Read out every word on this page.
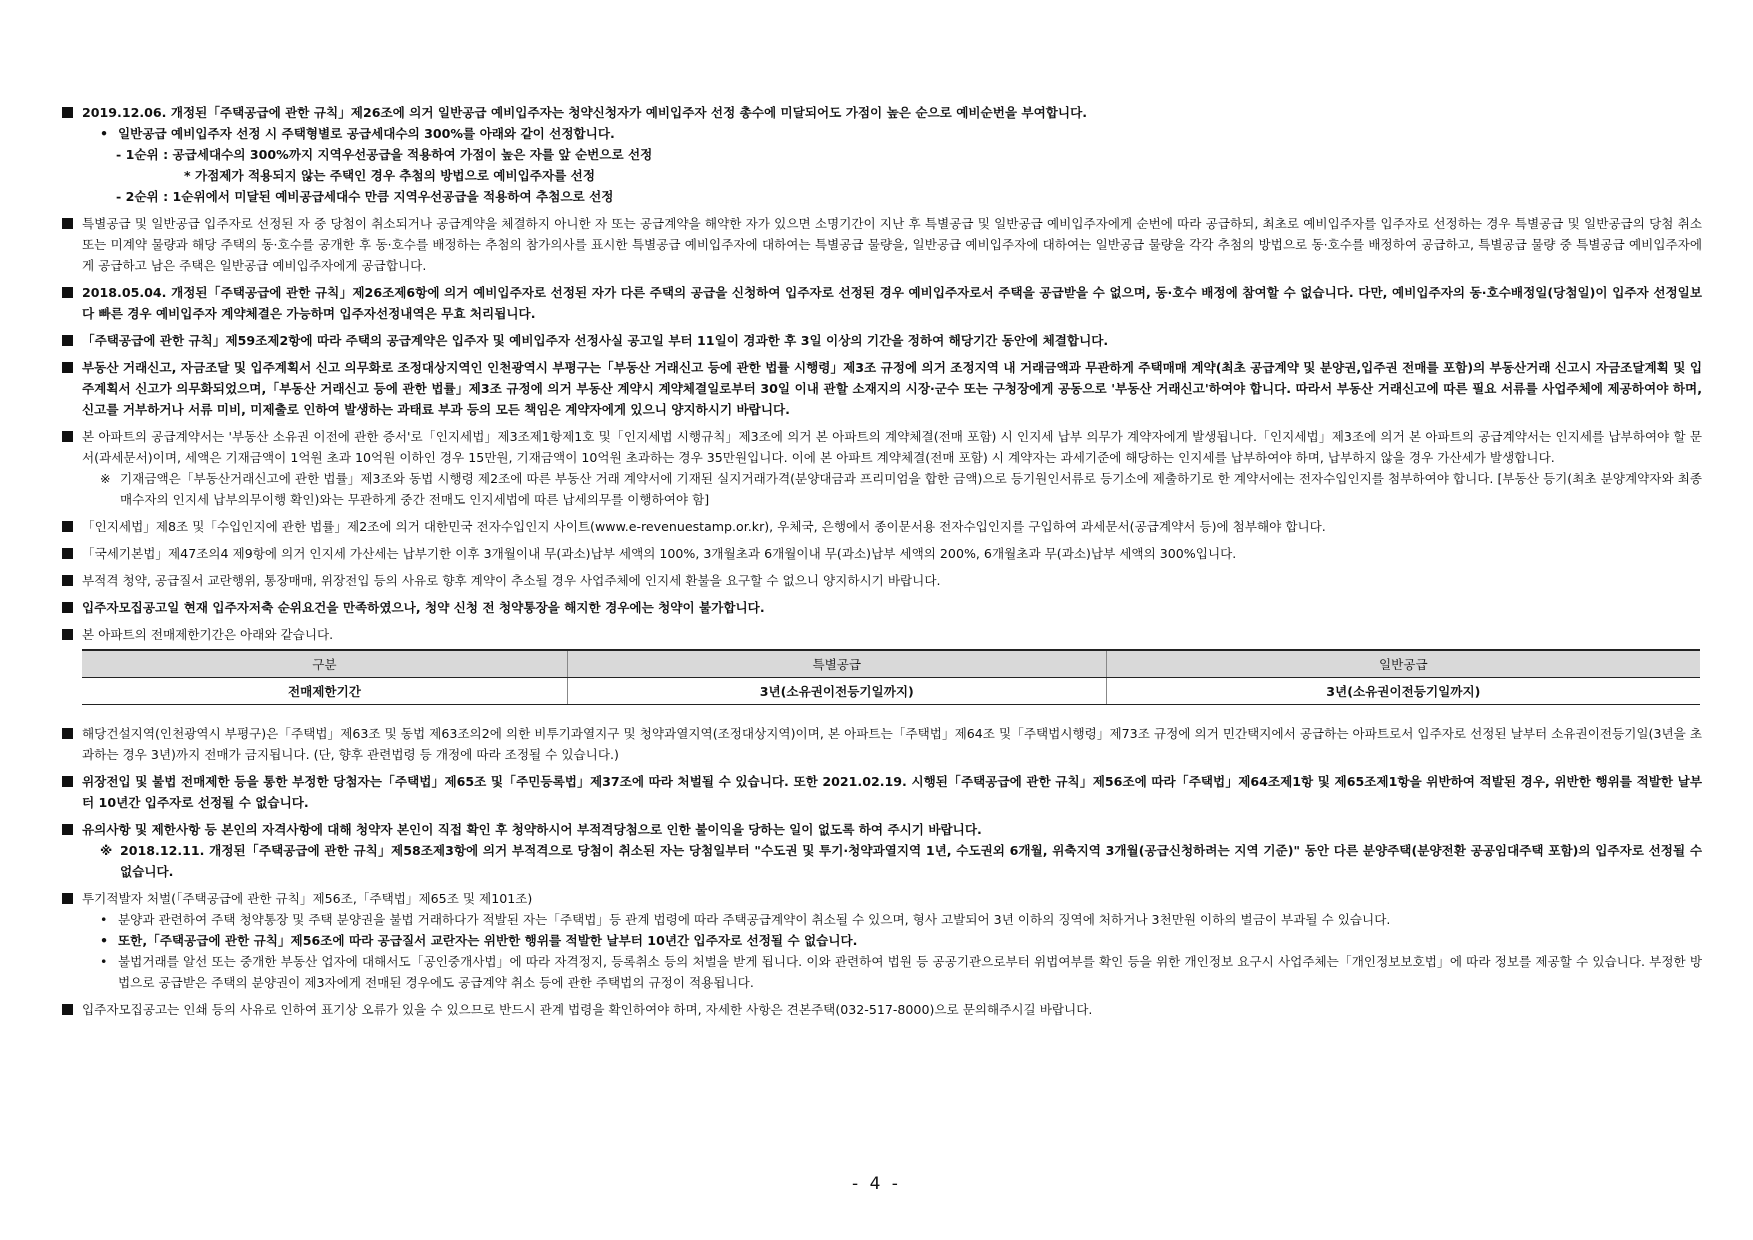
2019.12.06. 개정된「주택공급에 관한 규칙」제26조에 의거 일반공급 예비입주자는 청약신청자가 예비입주자 선정 총수에 미달되어도 가점이 높은 순으로 예비순번을 부여합니다.

• 일반공급 예비입주자 선정 시 주택형별로 공급세대수의 300%를 아래와 같이 선정합니다.

- 1순위 : 공급세대수의 300%까지 지역우선공급을 적용하여 가점이 높은 자를 앞 순번으로 선정

* 가점제가 적용되지 않는 주택인 경우 추첨의 방법으로 예비입주자를 선정

- 2순위 : 1순위에서 미달된 예비공급세대수 만큼 지역우선공급을 적용하여 추첨으로 선정

특별공급 및 일반공급 입주자로 선정된 자 중 당첨이 취소되거나 공급계약을 체결하지 아니한 자 또는 공급계약을 해약한 자가 있으면 소명기간이 지난 후 특별공급 및 일반공급 예비입주자에게 순번에 따라 공급하되, 최초로 예비입주자를 입주자로 선정하는 경우 특별공급 및 일반공급의 당첨 취소 또는 미계약 물량과 해당 주택의 동·호수를 공개한 후 동·호수를 배정하는 추첨의 참가의사를 표시한 특별공급 예비입주자에 대하여는 특별공급 물량을, 일반공급 예비입주자에 대하여는 일반공급 물량을 각각 추첨의 방법으로 동·호수를 배정하여 공급하고, 특별공급 물량 중 특별공급 예비입주자에게 공급하고 남은 주택은 일반공급 예비입주자에게 공급합니다.
2018.05.04. 개정된「주택공급에 관한 규칙」제26조제6항에 의거 예비입주자로 선정된 자가 다른 주택의 공급을 신청하여 입주자로 선정된 경우 예비입주자로서 주택을 공급받을 수 없으며, 동·호수 배정에 참여할 수 없습니다. 다만, 예비입주자의 동·호수배정일(당첨일)이 입주자 선정일보다 빠른 경우 예비입주자 계약체결은 가능하며 입주자선정내역은 무효 처리됩니다.
「주택공급에 관한 규칙」제59조제2항에 따라 주택의 공급계약은 입주자 및 예비입주자 선정사실 공고일 부터 11일이 경과한 후 3일 이상의 기간을 정하여 해당기간 동안에 체결합니다.
부동산 거래신고, 자금조달 및 입주계획서 신고 의무화로 조정대상지역인 인천광역시 부평구는「부동산 거래신고 등에 관한 법률 시행령」제3조 규정에 의거 조정지역 내 거래금액과 무관하게 주택매매 계약(최초 공급계약 및 분양권,입주권 전매를 포함)의 부동산거래 신고시 자금조달계획 및 입주계획서 신고가 의무화되었으며,「부동산 거래신고 등에 관한 법률」제3조 규정에 의거 부동산 계약시 계약체결일로부터 30일 이내 관할 소재지의 시장·군수 또는 구청장에게 공동으로 '부동산 거래신고'하여야 합니다. 따라서 부동산 거래신고에 따른 필요 서류를 사업주체에 제공하여야 하며, 신고를 거부하거나 서류 미비, 미제출로 인하여 발생하는 과태료 부과 등의 모든 책임은 계약자에게 있으니 양지하시기 바랍니다.

본 아파트의 공급계약서는 '부동산 소유권 이전에 관한 증서'로「인지세법」제3조제1항제1호 및「인지세법 시행규칙」제3조에 의거 본 아파트의 계약체결(전매 포함) 시 인지세 납부 의무가 계약자에게 발생됩니다.「인지세법」제3조에 의거 본 아파트의 공급계약서는 인지세를 납부하여야 할 문서(과세문서)이며, 세액은 기재금액이 1억원 초과 10억원 이하인 경우 15만원, 기재금액이 10억원 초과하는 경우 35만원입니다. 이에 본 아파트 계약체결(전매 포함) 시 계약자는 과세기준에 해당하는 인지세를 납부하여야 하며, 납부하지 않을 경우 가산세가 발생합니다.

※ 기재금액은「부동산거래신고에 관한 법률」제3조와 동법 시행령 제2조에 따른 부동산 거래 계약서에 기재된 실지거래가격(분양대금과 프리미엄을 합한 금액)으로 등기원인서류로 등기소에 제출하기로 한 계약서에는 전자수입인지를 첨부하여야 합니다. [부동산 등기(최초 분양계약자와 최종 매수자의 인지세 납부의무이행 확인)와는 무관하게 중간 전매도 인지세법에 따른 납세의무를 이행하여야 함]

「인지세법」제8조 및「수입인지에 관한 법률」제2조에 의거 대한민국 전자수입인지 사이트(www.e-revenuestamp.or.kr), 우체국, 은행에서 종이문서용 전자수입인지를 구입하여 과세문서(공급계약서 등)에 첨부해야 합니다.
「국세기본법」제47조의4 제9항에 의거 인지세 가산세는 납부기한 이후 3개월이내 무(과소)납부 세액의 100%, 3개월초과 6개월이내 무(과소)납부 세액의 200%, 6개월초과 무(과소)납부 세액의 300%입니다.
부적격 청약, 공급질서 교란행위, 통장매매, 위장전입 등의 사유로 향후 계약이 추소될 경우 사업주체에 인지세 환불을 요구할 수 없으니 양지하시기 바랍니다.
입주자모집공고일 현재 입주자저축 순위요건을 만족하였으나, 청약 신청 전 청약통장을 해지한 경우에는 청약이 불가합니다.
본 아파트의 전매제한기간은 아래와 같습니다.
구분	특별공급	일반공급
전매제한기간	3년(소유권이전등기일까지)	3년(소유권이전등기일까지)
해당건설지역(인천광역시 부평구)은「주택법」제63조 및 동법 제63조의2에 의한 비투기과열지구 및 청약과열지역(조정대상지역)이며, 본 아파트는「주택법」제64조 및「주택법시행령」제73조 규정에 의거 민간택지에서 공급하는 아파트로서 입주자로 선정된 날부터 소유권이전등기일(3년을 초과하는 경우 3년)까지 전매가 금지됩니다. (단, 향후 관련법령 등 개정에 따라 조정될 수 있습니다.)
위장전입 및 불법 전매제한 등을 통한 부정한 당첨자는「주택법」제65조 및「주민등록법」제37조에 따라 처벌될 수 있습니다. 또한 2021.02.19. 시행된「주택공급에 관한 규칙」제56조에 따라「주택법」제64조제1항 및 제65조제1항을 위반하여 적발된 경우, 위반한 행위를 적발한 날부터 10년간 입주자로 선정될 수 없습니다.

유의사항 및 제한사항 등 본인의 자격사항에 대해 청약자 본인이 직접 확인 후 청약하시어 부적격당첨으로 인한 불이익을 당하는 일이 없도록 하여 주시기 바랍니다.

※ 2018.12.11. 개정된「주택공급에 관한 규칙」제58조제3항에 의거 부적격으로 당첨이 취소된 자는 당첨일부터 "수도권 및 투기·청약과열지역 1년, 수도권외 6개월, 위축지역 3개월(공급신청하려는 지역 기준)" 동안 다른 분양주택(분양전환 공공임대주택 포함)의 입주자로 선정될 수 없습니다.

투기적발자 처벌(「주택공급에 관한 규칙」제56조,「주택법」제65조 및 제101조)

• 분양과 관련하여 주택 청약통장 및 주택 분양권을 불법 거래하다가 적발된 자는「주택법」등 관계 법령에 따라 주택공급계약이 취소될 수 있으며, 형사 고발되어 3년 이하의 징역에 처하거나 3천만원 이하의 벌금이 부과될 수 있습니다.

• 또한,「주택공급에 관한 규칙」제56조에 따라 공급질서 교란자는 위반한 행위를 적발한 날부터 10년간 입주자로 선정될 수 없습니다.

• 불법거래를 알선 또는 중개한 부동산 업자에 대해서도「공인중개사법」에 따라 자격정지, 등록취소 등의 처벌을 받게 됩니다. 이와 관련하여 법원 등 공공기관으로부터 위법여부를 확인 등을 위한 개인정보 요구시 사업주체는「개인정보보호법」에 따라 정보를 제공할 수 있습니다. 부정한 방법으로 공급받은 주택의 분양권이 제3자에게 전매된 경우에도 공급계약 취소 등에 관한 주택법의 규정이 적용됩니다.

입주자모집공고는 인쇄 등의 사유로 인하여 표기상 오류가 있을 수 있으므로 반드시 관계 법령을 확인하여야 하며, 자세한 사항은 견본주택(032-517-8000)으로 문의해주시길 바랍니다.
- 4 -
